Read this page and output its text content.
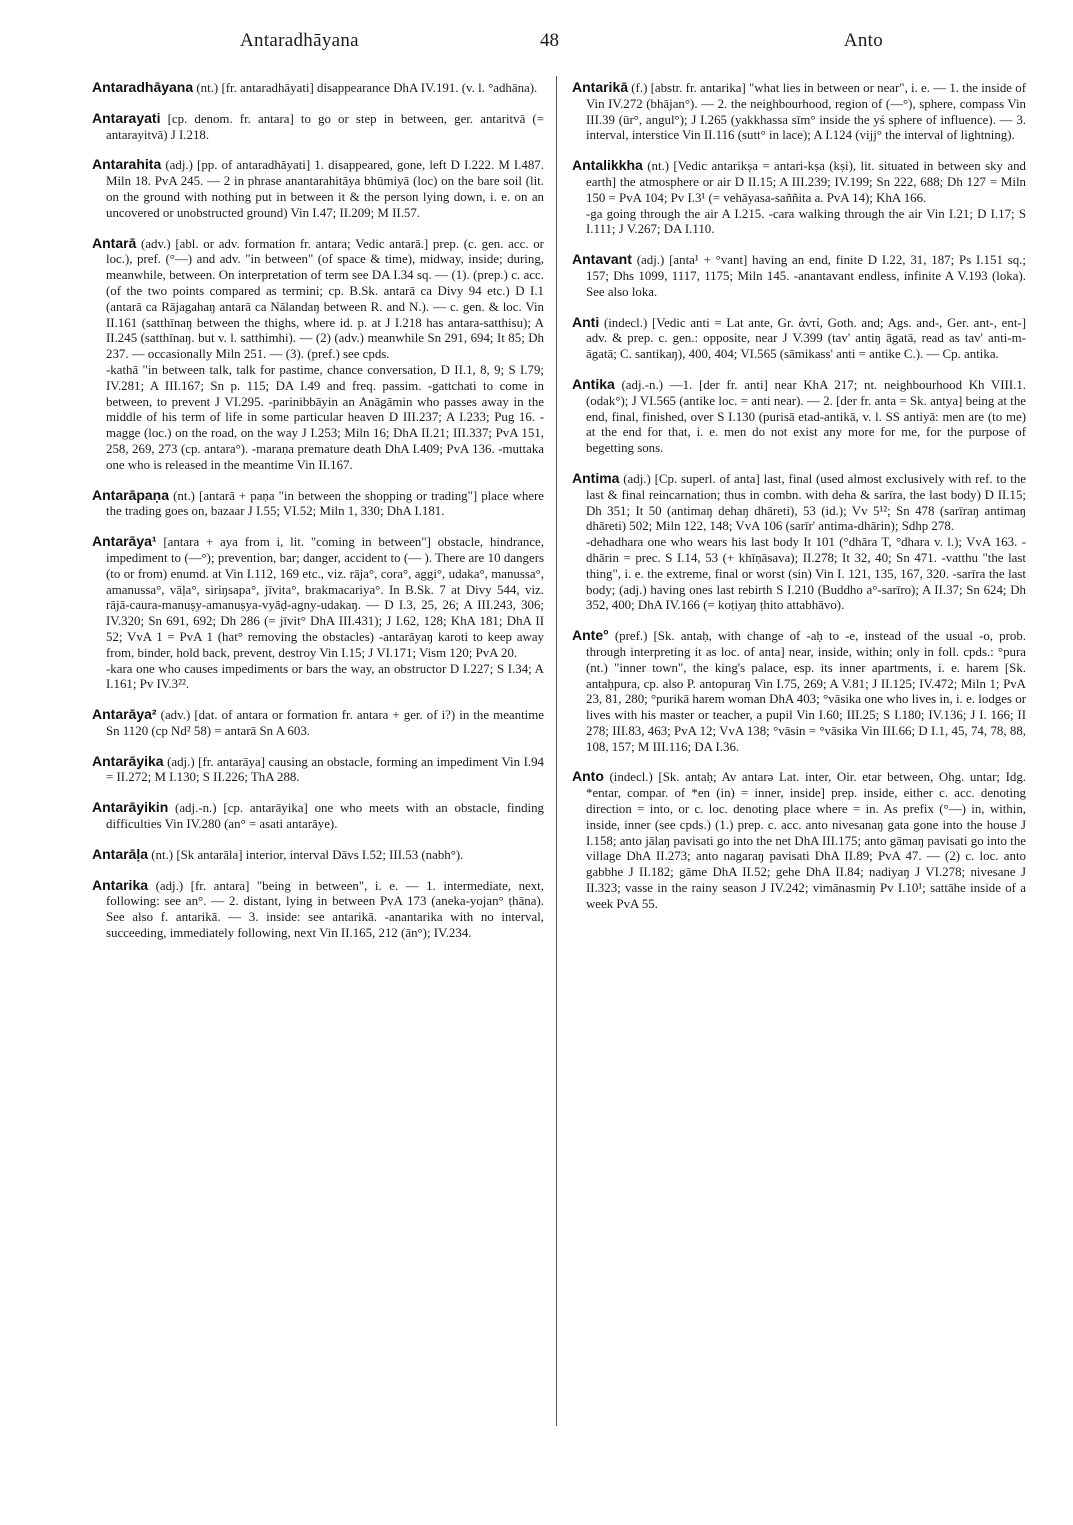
Antaradhāyana	48	Anto
Antaradhāyana (nt.) [fr. antaradhāyati] disappearance DhA IV.191. (v. l. °adhāna).
Antarayati [cp. denom. fr. antara] to go or step in between, ger. antaritvā (= antarayitvā) J I.218.
Antarahita (adj.) [pp. of antaradhāyati] 1. disappeared, gone, left D I.222. M I.487. Miln 18. PvA 245. — 2 in phrase anantarahitāya bhūmiyā (loc) on the bare soil (lit. on the ground with nothing put in between it & the person lying down, i. e. on an uncovered or unobstructed ground) Vin I.47; II.209; M II.57.
Antarā (adv.) [abl. or adv. formation fr. antara; Vedic antarā.] prep. (c. gen. acc. or loc.), pref. (°—) and adv. "in between" (of space & time), midway, inside; during, meanwhile, between. On interpretation of term see DA I.34 sq. — (1). (prep.) c. acc. (of the two points compared as termini; cp. B.Sk. antarā ca Divy 94 etc.) D I.1 (antarā ca Rājagahaŋ antarā ca Nālandaŋ between R. and N.). — c. gen. & loc. Vin II.161 (satthīnaŋ between the thighs, where id. p. at J I.218 has antara-satthisu); A II.245 (satthīnaŋ. but v. l. satthimhi). — (2) (adv.) meanwhile Sn 291, 694; It 85; Dh 237. — occasionally Miln 251. — (3). (pref.) see cpds.
-kathā "in between talk, talk for pastime, chance conversation, D II.1, 8, 9; S I.79; IV.281; A III.167; Sn p. 115; DA I.49 and freq. passim. -gattchati to come in between, to prevent J VI.295. -parinibbāyin an Anāgāmin who passes away in the middle of his term of life in some particular heaven D III.237; A I.233; Pug 16. -magge (loc.) on the road, on the way J I.253; Miln 16; DhA II.21; III.337; PvA 151, 258, 269, 273 (cp. antara°). -maraṇa premature death DhA I.409; PvA 136. -muttaka one who is released in the meantime Vin II.167.
Antarāpaṇa (nt.) [antarā + paṇa "in between the shopping or trading"] place where the trading goes on, bazaar J I.55; VI.52; Miln 1, 330; DhA I.181.
Antarāya¹ [antara + aya from i, lit. "coming in between"] obstacle, hindrance, impediment to (—°); prevention, bar; danger, accident to (— ). There are 10 dangers (to or from) enumd. at Vin I.112, 169 etc., viz. rāja°, cora°, aggi°, udaka°, manussa°, amanussa°, vāḷa°, siriŋsapa°, jīvita°, brakmacariya°. In B.Sk. 7 at Divy 544, viz. rājā-caura-manuṣy-amanuṣya-vyāḍ-agny-udakaŋ. — D I.3, 25, 26; A III.243, 306; IV.320; Sn 691, 692; Dh 286 (= jīvit° DhA III.431); J I.62, 128; KhA 181; DhA II 52; VvA 1 = PvA 1 (hat° removing the obstacles) -antarāyaŋ karoti to keep away from, binder, hold back, prevent, destroy Vin I.15; J VI.171; Vism 120; PvA 20.
-kara one who causes impediments or bars the way, an obstructor D I.227; S I.34; A I.161; Pv IV.3²².
Antarāya² (adv.) [dat. of antara or formation fr. antara + ger. of i?) in the meantime Sn 1120 (cp Nd² 58) = antarā Sn A 603.
Antarāyika (adj.) [fr. antarāya] causing an obstacle, forming an impediment Vin I.94 = II.272; M I.130; S II.226; ThA 288.
Antarāyikin (adj.-n.) [cp. antarāyika] one who meets with an obstacle, finding difficulties Vin IV.280 (an° = asati antarāye).
Antarāḷa (nt.) [Sk antarāla] interior, interval Dāvs I.52; III.53 (nabh°).
Antarika (adj.) [fr. antara] "being in between", i. e. — 1. intermediate, next, following: see an°. — 2. distant, lying in between PvA 173 (aneka-yojan° ṭhāna). See also f. antarikā. — 3. inside: see antarikā. -anantarika with no interval, succeeding, immediately following, next Vin II.165, 212 (ān°); IV.234.
Antarikā (f.) [abstr. fr. antarika] "what lies in between or near", i. e. — 1. the inside of Vin IV.272 (bhājan°). — 2. the neighbourhood, region of (—°), sphere, compass Vin III.39 (ūr°, angul°); J I.265 (yakkhassa sīm° inside the yś sphere of influence). — 3. interval, interstice Vin II.116 (sutt° in lace); A I.124 (vijj° the interval of lightning).
Antalikkha (nt.) [Vedic antarikṣa = antari-kṣa (kṣi), lit. situated in between sky and earth] the atmosphere or air D II.15; A III.239; IV.199; Sn 222, 688; Dh 127 = Miln 150 = PvA 104; Pv I.3¹ (= vehāyasa-saññita a. PvA 14); KhA 166.
-ga going through the air A I.215. -cara walking through the air Vin I.21; D I.17; S I.111; J V.267; DA I.110.
Antavant (adj.) [anta¹ + °vant] having an end, finite D I.22, 31, 187; Ps I.151 sq.; 157; Dhs 1099, 1117, 1175; Miln 145. -anantavant endless, infinite A V.193 (loka). See also loka.
Anti (indecl.) [Vedic anti = Lat ante, Gr. ἀντί, Goth. and; Ags. and-, Ger. ant-, ent-] adv. & prep. c. gen.: opposite, near J V.399 (tav' antiŋ āgatā, read as tav' anti-m-āgatā; C. santikaŋ), 400, 404; VI.565 (sāmikass' anti = antike C.). — Cp. antika.
Antika (adj.-n.) —1. [der fr. anti] near KhA 217; nt. neighbourhood Kh VIII.1. (odak°); J VI.565 (antike loc. = anti near). — 2. [der fr. anta = Sk. antya] being at the end, final, finished, over S I.130 (purisā etad-antikā, v. l. SS antiyā: men are (to me) at the end for that, i. e. men do not exist any more for me, for the purpose of begetting sons.
Antima (adj.) [Cp. superl. of anta] last, final (used almost exclusively with ref. to the last & final reincarnation; thus in combn. with deha & sarīra, the last body) D II.15; Dh 351; It 50 (antimaŋ dehaŋ dhāreti), 53 (id.); Vv 5¹²; Sn 478 (sarīraŋ antimaŋ dhāreti) 502; Miln 122, 148; VvA 106 (sarīr' antima-dhārin); Sdhp 278.
-dehadhara one who wears his last body It 101 (°dhāra T, °dhara v. l.); VvA 163. -dhārin = prec. S I.14, 53 (+ khīṇāsava); II.278; It 32, 40; Sn 471. -vatthu "the last thing", i. e. the extreme, final or worst (sin) Vin I. 121, 135, 167, 320. -sarīra the last body; (adj.) having ones last rebirth S I.210 (Buddho a°-sarīro); A II.37; Sn 624; Dh 352, 400; DhA IV.166 (= koṭiyaŋ ṭhito attabhāvo).
Ante° (pref.) [Sk. antaḥ, with change of -aḥ to -e, instead of the usual -o, prob. through interpreting it as loc. of anta] near, inside, within; only in foll. cpds.: °pura (nt.) "inner town", the king's palace, esp. its inner apartments, i. e. harem [Sk. antaḥpura, cp. also P. antopuraŋ Vin I.75, 269; A V.81; J II.125; IV.472; Miln 1; PvA 23, 81, 280; °purikā harem woman DhA 403; °vāsika one who lives in, i. e. lodges or lives with his master or teacher, a pupil Vin I.60; III.25; S I.180; IV.136; J I. 166; II 278; III.83, 463; PvA 12; VvA 138; °vāsin = °vāsika Vin III.66; D I.1, 45, 74, 78, 88, 108, 157; M III.116; DA I.36.
Anto (indecl.) [Sk. antaḥ; Av antarə Lat. inter, Oir. etar between, Ohg. untar; Idg. *entar, compar. of *en (in) = inner, inside] prep. inside, either c. acc. denoting direction = into, or c. loc. denoting place where = in. As prefix (°—) in, within, inside, inner (see cpds.) (1.) prep. c. acc. anto nivesanaŋ gata gone into the house J I.158; anto jālaŋ pavisati go into the net DhA III.175; anto gāmaŋ pavisati go into the village DhA II.273; anto nagaraŋ pavisati DhA II.89; PvA 47. — (2) c. loc. anto gabbhe J II.182; gāme DhA II.52; gehe DhA II.84; nadiyaŋ J VI.278; nivesane J II.323; vasse in the rainy season J IV.242; vimānasmiŋ Pv I.10¹; sattāhe inside of a week PvA 55.
